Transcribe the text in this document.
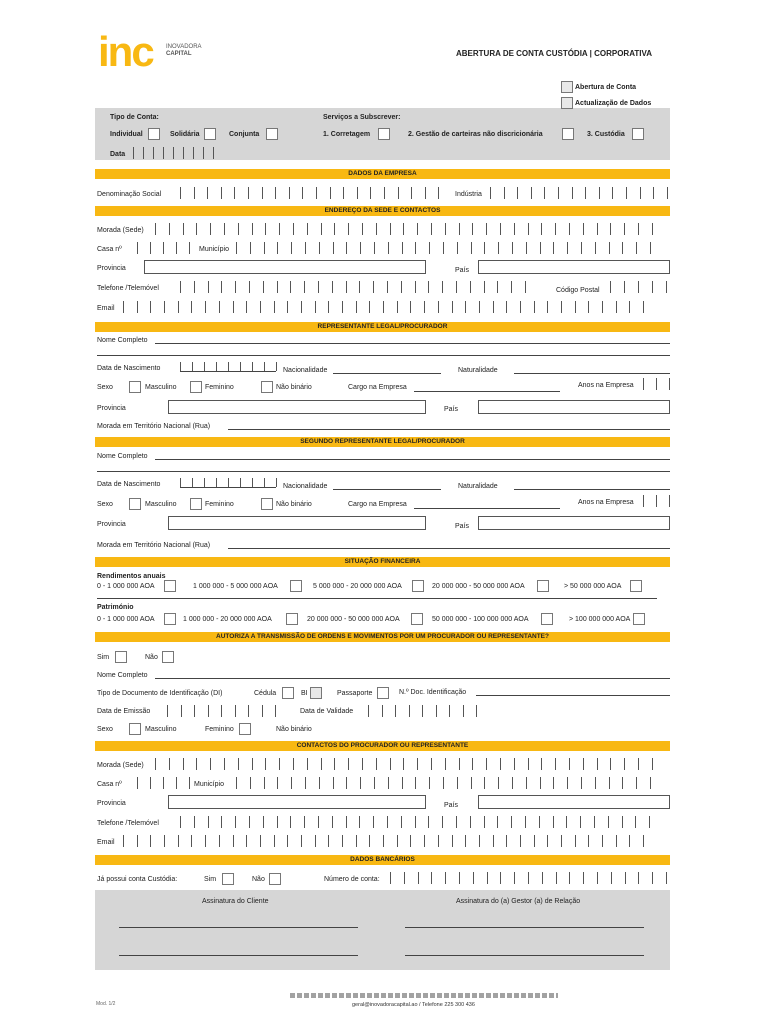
inc INOVADORA
CAPITAL	ABERTURA DE CONTA CUSTÓDIA | CORPORATIVA
Abertura de Conta
Actualização de Dados
Tipo de Conta:	Serviços a Subscrever:
Individual	Solidária	Conjunta	1. Corretagem	2. Gestão de carteiras não discricionária	3. Custódia
Data
DADOS DA EMPRESA
Denominação Social	Indústria
ENDEREÇO DA SEDE E CONTACTOS
Morada (Sede)
Casa nº	Município
Provincia	País
Telefone /Telemóvel	Código Postal
Email
REPRESENTANTE LEGAL/PROCURADOR
Nome Completo
Data de Nascimento	Nacionalidade	Naturalidade
Sexo	Masculino	Feminino	Não binário	Cargo na Empresa	Anos na Empresa
Provincia	País
Morada em Território Nacional (Rua)
SEGUNDO REPRESENTANTE LEGAL/PROCURADOR
Nome Completo
Data de Nascimento	Nacionalidade	Naturalidade
Sexo	Masculino	Feminino	Não binário	Cargo na Empresa	Anos na Empresa
Provincia	País
Morada em Território Nacional (Rua)
SITUAÇÃO FINANCEIRA
Rendimentos anuais
0 - 1 000 000 AOA	1 000 000 - 5 000 000 AOA	5 000 000 - 20 000 000 AOA	20 000 000 - 50 000 000 AOA	> 50 000 000 AOA
Património
0 - 1 000 000 AOA	1 000 000 - 20 000 000 AOA	20 000 000 - 50 000 000 AOA	50 000 000 - 100 000 000 AOA	> 100 000 000 AOA
AUTORIZA A TRANSMISSÃO DE ORDENS E MOVIMENTOS POR UM PROCURADOR OU REPRESENTANTE?
Sim	Não
Nome Completo
Tipo de Documento de Identificação (DI)	Cédula	BI	Passaporte	N.º Doc. Identificação
Data de Emissão	Data de Validade
Sexo	Masculino	Feminino	Não binário
CONTACTOS DO PROCURADOR OU REPRESENTANTE
Morada (Sede)
Casa nº	Município
Provincia	País
Telefone /Telemóvel
Email
DADOS BANCÁRIOS
Já possui conta Custódia:	Sim	Não	Número de conta:
Assinatura do Cliente	Assinatura do (a) Gestor (a) de Relação
Mod. 1/2	geral@inovadoracapital.ao / Telefone 225 300 436
